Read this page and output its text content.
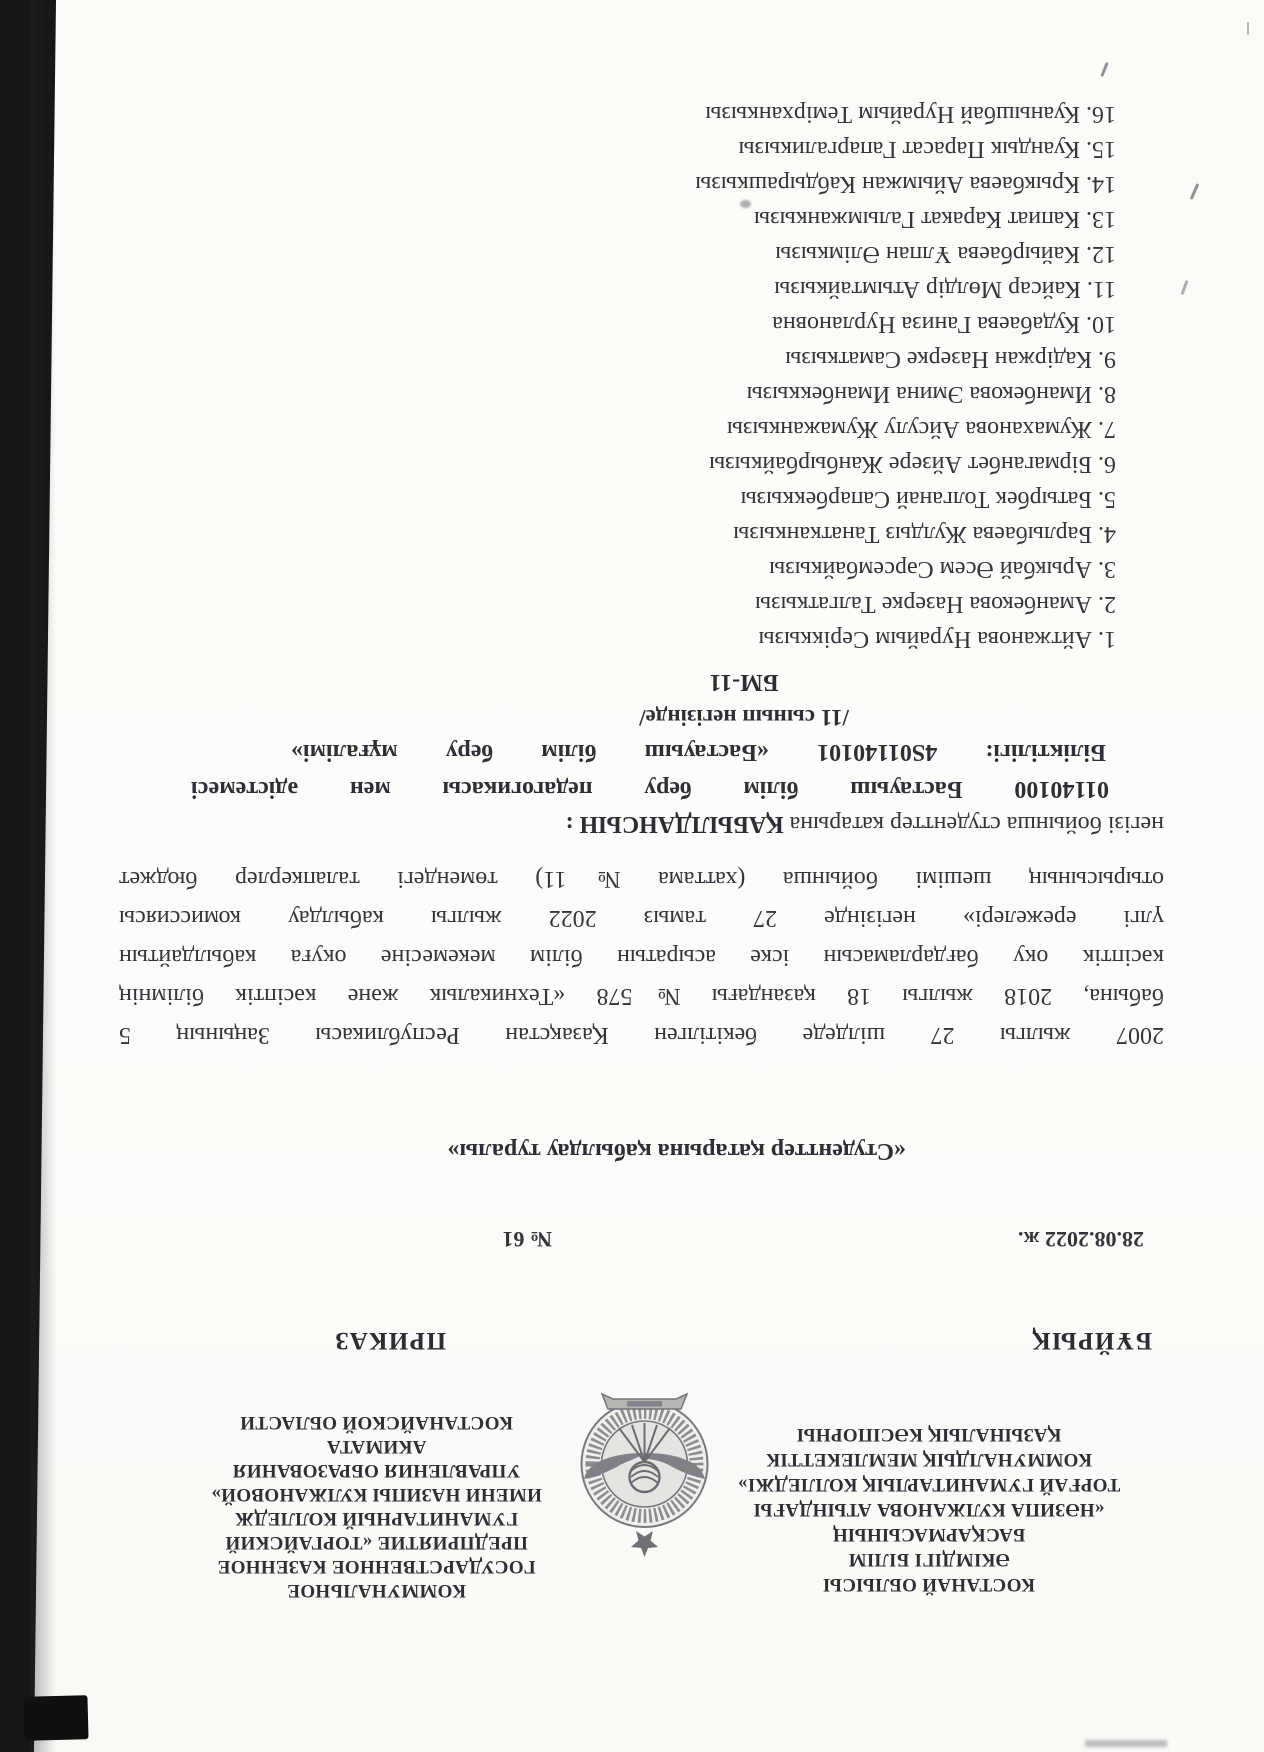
КОСТАНАЙ ОБЛЫСЫ
ӘКІМДІГІ БІЛІМ
БАСҚАРМАСЫНЫҢ
«НӘЗИПА КУЛЖАНОВА АТЫНДАҒЫ
ТОРҒАЙ ГУМАНИТАРЛЫҚ КОЛЛЕДЖІ»
КОММУНАЛДЫҚ МЕМЛЕКЕТТІК
ҚАЗЫНАЛЫҚ КӘСІПОРНЫ
КОММУНАЛЬНОЕ
ГОСУДАРСТВЕННОЕ КАЗЕННОЕ
ПРЕДПРИЯТИЕ «ТОРГАЙСКИЙ
ГУМАНИТАРНЫЙ КОЛЛЕДЖ
ИМЕНИ НАЗИПЫ КУЛЖАНОВОЙ»
УПРАВЛЕНИЯ ОБРАЗОВАНИЯ
АКИМАТА
КОСТАНАЙСКОЙ ОБЛАСТИ
БҰЙРЫҚ
ПРИКАЗ
28.08.2022 ж.
№ 61
«Студенттер қатарына қабылдау туралы»
2007 жылгы 27 шілдеде бекітілген Қазақстан Республикасы Заңының 5
бабына, 2018 жылгы 18 қазандағы №578 «Техникалык және кәсіптік білімнің
кәсіптік оку бағдарламасын іске асыратын білім мекемесіне окуға кабылдайтын
үлгі ережелері» негізінде 27 тамыз 2022 жылгы кабылдау комиссиясы
отырысының шешімі бойынша (хаттама №11) төмендегі талапкерлер бюджет
негізі бойынша студенттер катарына ҚАБЫЛДАНСЫН :
01140100 Бастауыш білім беру педагогикасы мен әдістемесі
Біліктілігі: 4S01140101 «Бастауыш білім беру мұғалімі»
/11 сынып негізінде/
БМ-11
1. Айтжанова Нурайым Серіккызы
2. Аманбекова Назерке Талгаткызы
3. Арыкбай Әсем Сәрсембайкызы
4. Барлыбаева Жулдыз Танатканкызы
5. Батырбек Толганай Сапарбеккызы
6. Бірмаганбет Айзере Жанбырбайкызы
7. Жумаханова Айсулу Жумажанкызы
8. Иманбекова Эмина Иманбеккызы
9. Кадіржан Назерке Саматкызы
10. Кудабаева Ганиза Нурлановна
11. Кайсар Мөлдір Атымтайкызы
12. Кайырбаева Ұлпан Әлімкызы
13. Капиат Каракат Галымжанкызы
14. Крыкбаева Айымжан Кабдырашкызы
15. Куандык Парасат Гапаргаликызы
16. Куанышбай Нурайым Темірханкызы
